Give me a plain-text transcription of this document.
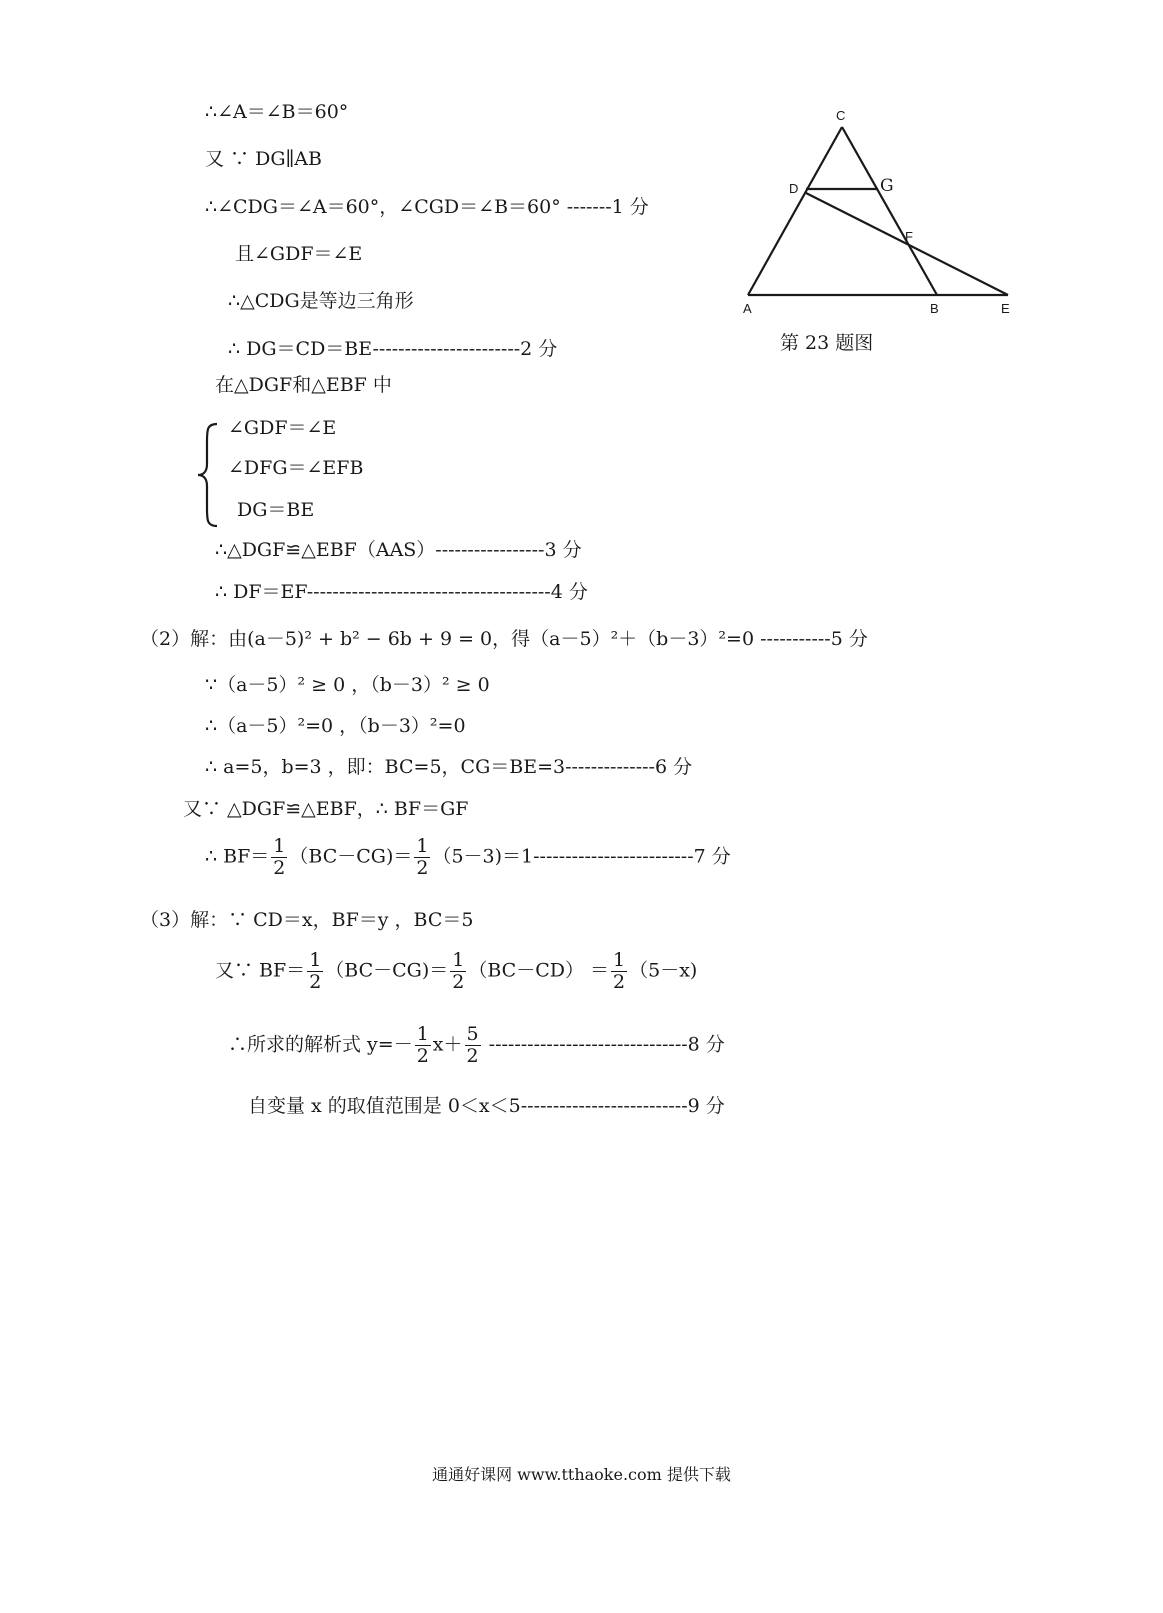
∴∠A＝∠B＝60°
又 ∵ DG∥AB
∴∠CDG＝∠A＝60°，∠CGD＝∠B＝60° -------1 分
且∠GDF＝∠E
∴△CDG是等边三角形
∴ DG＝CD＝BE-----------------------2 分
在△DGF和△EBF 中
∠GDF＝∠E
∠DFG＝∠EFB
DG＝BE
∴△DGF≌△EBF（AAS）-----------------3 分
∴ DF＝EF--------------------------------------4 分
C
D	G
F
A	B	E
第 23 题图
（2）解：由(a－5)² + b² − 6b + 9 = 0，得（a－5）²＋（b－3）²=0 -----------5 分
∵（a－5）² ≥ 0 ，（b－3）² ≥ 0
∴（a－5）²=0 ，（b－3）²=0
∴ a=5，b=3 ，即：BC=5，CG＝BE=3--------------6 分
又∵ △DGF≌△EBF，∴ BF＝GF
∴ $BF= \frac{1}{2} (BC-CG)= \frac{1}{2} (5-3)=1-------------------------7$ 分
（3）解：∵ CD＝x，BF＝y ，BC＝5
又∵ $BF= \frac{1}{2} (BC-CG)= \frac{1}{2} (BC-CD) = \frac{1}{2} (5-x)$
∴所求的解析式 $y=- \frac{1}{2} x+ \frac{5}{2} -------------------------------8$ 分
自变量 x 的取值范围是 0＜x＜5--------------------------9 分
通通好课网 www.tthaoke.com 提供下载
